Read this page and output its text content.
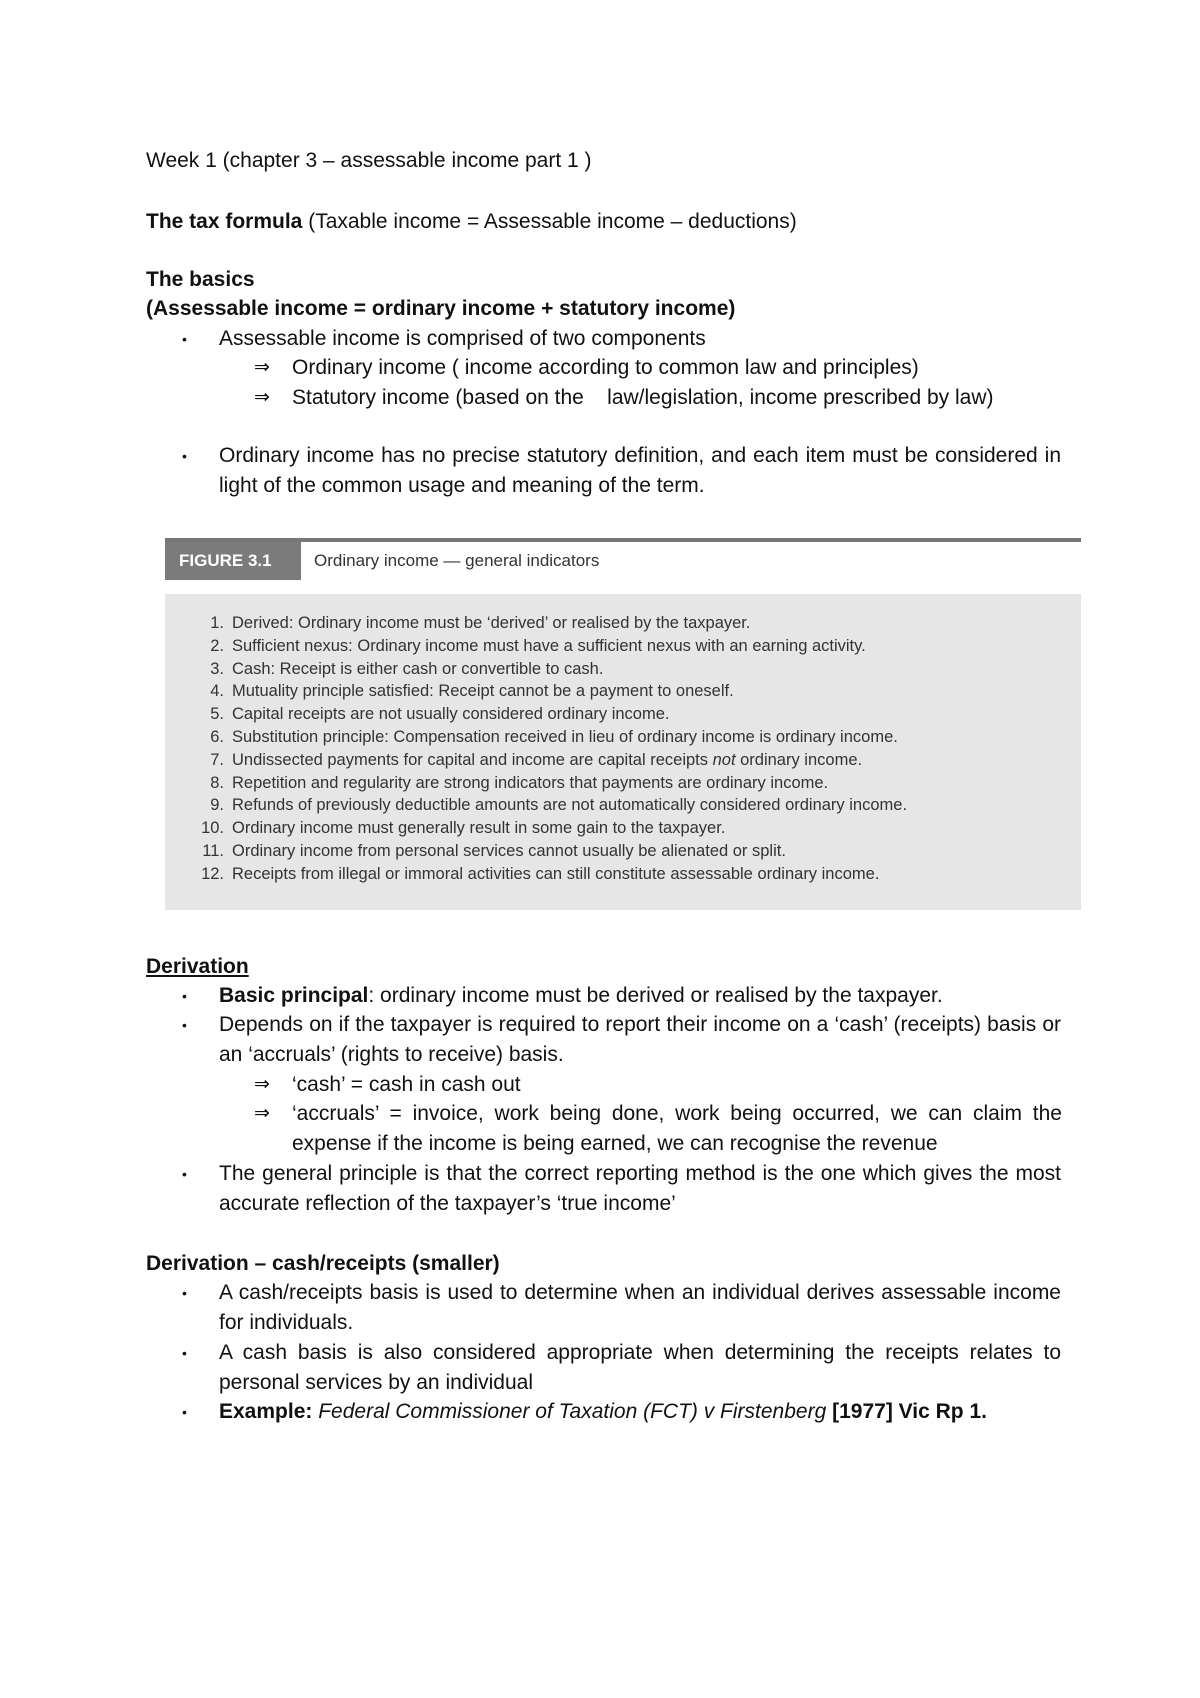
Week 1 (chapter 3 – assessable income part 1 )

The tax formula (Taxable income = Assessable income – deductions)

The basics

(Assessable income = ordinary income + statutory income)

• Assessable income is comprised of two components

⇒ Ordinary income ( income according to common law and principles)

⇒ Statutory income (based on the    law/legislation, income prescribed by law)

• Ordinary income has no precise statutory definition, and each item must be considered in light of the common usage and meaning of the term.

FIGURE 3.1	Ordinary income — general indicators
1. Derived: Ordinary income must be ‘derived’ or realised by the taxpayer.
2. Sufficient nexus: Ordinary income must have a sufficient nexus with an earning activity.
3. Cash: Receipt is either cash or convertible to cash.
4. Mutuality principle satisfied: Receipt cannot be a payment to oneself.
5. Capital receipts are not usually considered ordinary income.
6. Substitution principle: Compensation received in lieu of ordinary income is ordinary income.
7. Undissected payments for capital and income are capital receipts not ordinary income.
8. Repetition and regularity are strong indicators that payments are ordinary income.
9. Refunds of previously deductible amounts are not automatically considered ordinary income.
10. Ordinary income must generally result in some gain to the taxpayer.
11. Ordinary income from personal services cannot usually be alienated or split.
12. Receipts from illegal or immoral activities can still constitute assessable ordinary income.

Derivation

• Basic principal: ordinary income must be derived or realised by the taxpayer.

• Depends on if the taxpayer is required to report their income on a ‘cash’ (receipts) basis or an ‘accruals’ (rights to receive) basis.

⇒ ‘cash’ = cash in cash out

⇒ ‘accruals’ = invoice, work being done, work being occurred, we can claim the expense if the income is being earned, we can recognise the revenue

• The general principle is that the correct reporting method is the one which gives the most accurate reflection of the taxpayer’s ‘true income’

Derivation – cash/receipts (smaller)

• A cash/receipts basis is used to determine when an individual derives assessable income for individuals.

• A cash basis is also considered appropriate when determining the receipts relates to personal services by an individual

• Example: Federal Commissioner of Taxation (FCT) v Firstenberg [1977] Vic Rp 1.
